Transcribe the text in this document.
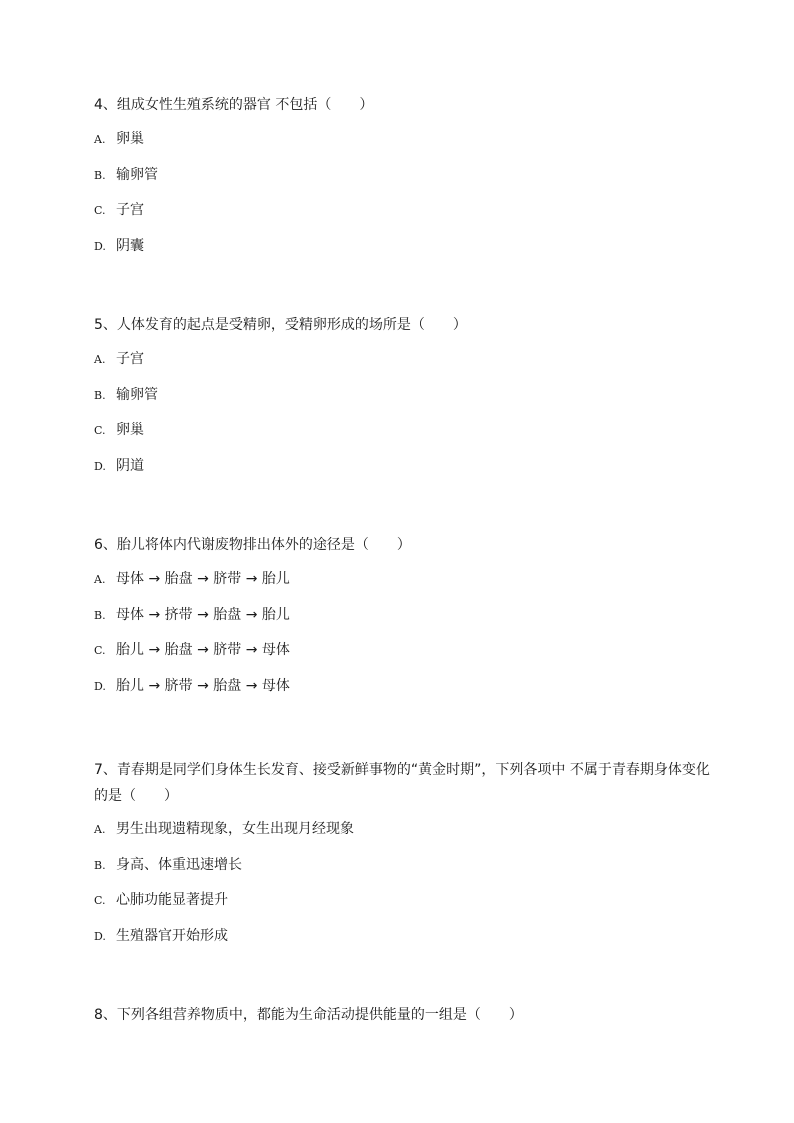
4、组成女性生殖系统的器官 不包括（　　）

A. 卵巢
B. 输卵管
C. 子宫
D. 阴囊

5、人体发育的起点是受精卵，受精卵形成的场所是（　　）

A. 子宫
B. 输卵管
C. 卵巢
D. 阴道

6、胎儿将体内代谢废物排出体外的途径是（　　）

A. 母体 → 胎盘 → 脐带 → 胎儿
B. 母体 → 挤带 → 胎盘 → 胎儿
C. 胎儿 → 胎盘 → 脐带 → 母体
D. 胎儿 → 脐带 → 胎盘 → 母体

7、青春期是同学们身体生长发育、接受新鲜事物的“黄金时期”，下列各项中 不属于青春期身体变化的是（　　）

A. 男生出现遗精现象，女生出现月经现象
B. 身高、体重迅速增长
C. 心肺功能显著提升
D. 生殖器官开始形成

8、下列各组营养物质中，都能为生命活动提供能量的一组是（　　）
